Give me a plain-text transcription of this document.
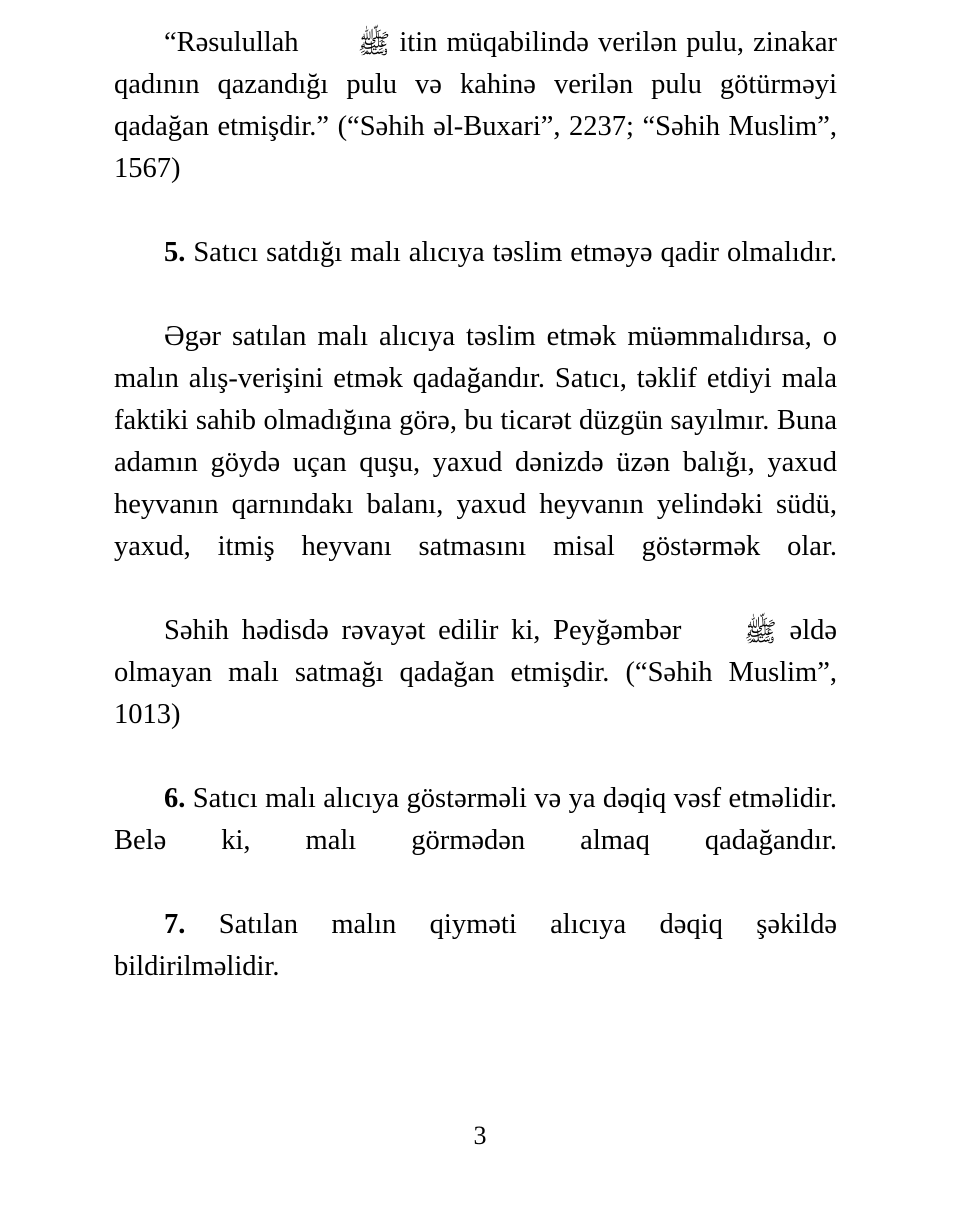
“Rəsulullah ﷺ itin müqabilində verilən pulu, zinakar qadının qazandığı pulu və kahinə verilən pulu götürməyi qadağan etmişdir.” (“Səhih əl-Buxari”, 2237; “Səhih Muslim”, 1567)

5. Satıcı satdığı malı alıcıya təslim etməyə qadir olmalıdır.

Əgər satılan malı alıcıya təslim etmək müəmmalıdırsa, o malın alış-verişini etmək qadağandır. Satıcı, təklif etdiyi mala faktiki sahib olmadığına görə, bu ticarət düzgün sayılmır. Buna adamın göydə uçan quşu, yaxud dənizdə üzən balığı, yaxud heyvanın qarnındakı balanı, yaxud heyvanın yelindəki südü, yaxud, itmiş heyvanı satmasını misal göstərmək olar.

Səhih hədisdə rəvayət edilir ki, Peyğəmbər ﷺ əldə olmayan malı satmağı qadağan etmişdir. (“Səhih Muslim”, 1013)

6. Satıcı malı alıcıya göstərməli və ya dəqiq vəsf etməlidir. Belə ki, malı görmədən almaq qadağandır.

7. Satılan malın qiyməti alıcıya dəqiq şəkildə bildirilməlidir.

3
